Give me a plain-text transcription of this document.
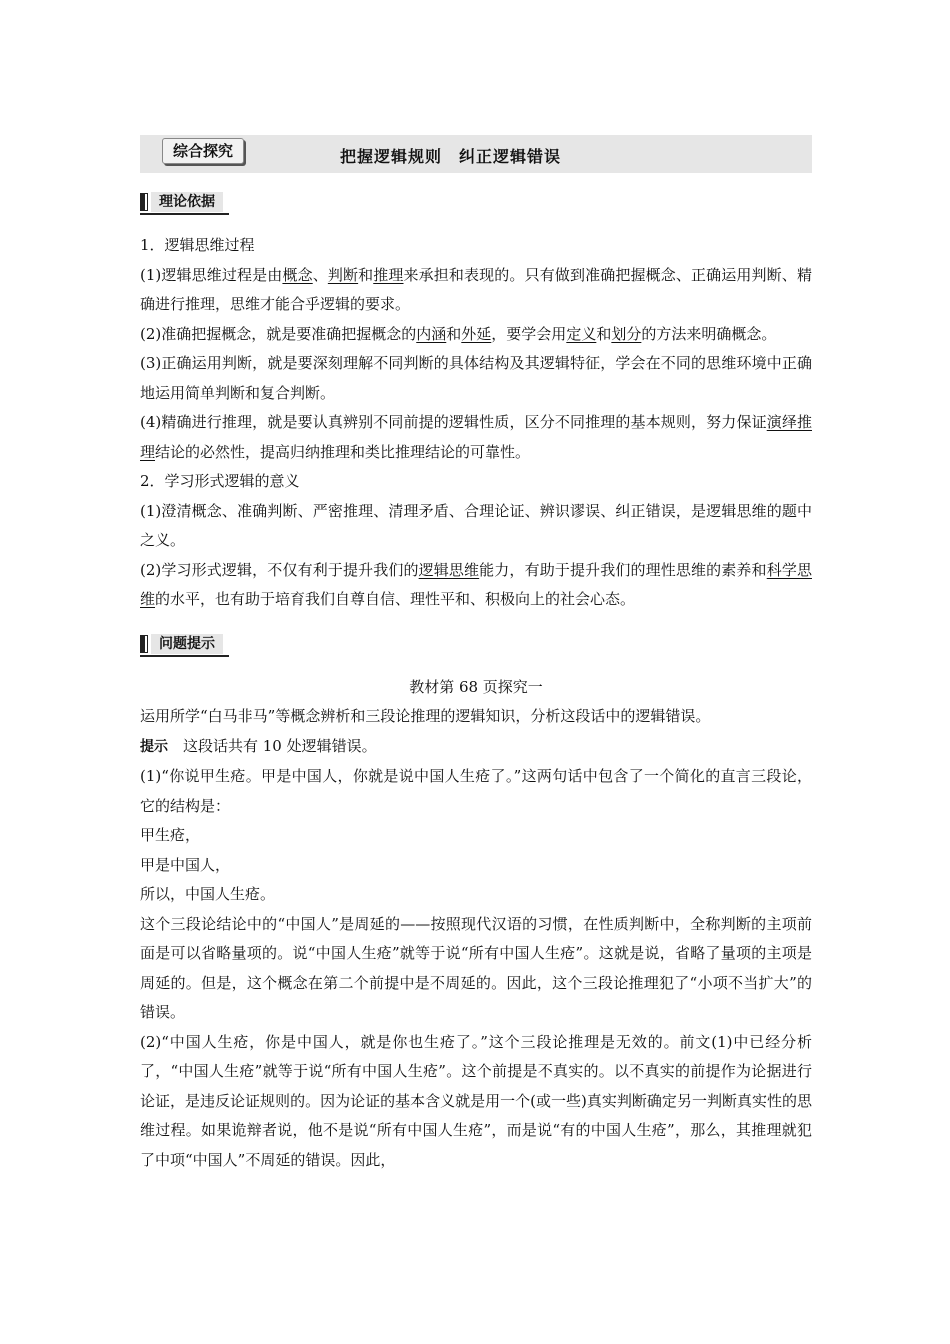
综合探究	把握逻辑规则　纠正逻辑错误
理论依据

1．逻辑思维过程

(1)逻辑思维过程是由概念、判断和推理来承担和表现的。只有做到准确把握概念、正确运用判断、精确进行推理，思维才能合乎逻辑的要求。

(2)准确把握概念，就是要准确把握概念的内涵和外延，要学会用定义和划分的方法来明确概念。

(3)正确运用判断，就是要深刻理解不同判断的具体结构及其逻辑特征，学会在不同的思维环境中正确地运用简单判断和复合判断。

(4)精确进行推理，就是要认真辨别不同前提的逻辑性质，区分不同推理的基本规则，努力保证演绎推理结论的必然性，提高归纳推理和类比推理结论的可靠性。

2．学习形式逻辑的意义

(1)澄清概念、准确判断、严密推理、清理矛盾、合理论证、辨识谬误、纠正错误，是逻辑思维的题中之义。

(2)学习形式逻辑，不仅有利于提升我们的逻辑思维能力，有助于提升我们的理性思维的素养和科学思维的水平，也有助于培育我们自尊自信、理性平和、积极向上的社会心态。

问题提示

教材第 68 页探究一

运用所学“白马非马”等概念辨析和三段论推理的逻辑知识，分析这段话中的逻辑错误。

提示　这段话共有 10 处逻辑错误。

(1)“你说甲生疮。甲是中国人，你就是说中国人生疮了。”这两句话中包含了一个简化的直言三段论，它的结构是：

甲生疮，

甲是中国人，

所以，中国人生疮。

这个三段论结论中的“中国人”是周延的——按照现代汉语的习惯，在性质判断中，全称判断的主项前面是可以省略量项的。说“中国人生疮”就等于说“所有中国人生疮”。这就是说，省略了量项的主项是周延的。但是，这个概念在第二个前提中是不周延的。因此，这个三段论推理犯了“小项不当扩大”的错误。

(2)“中国人生疮，你是中国人，就是你也生疮了。”这个三段论推理是无效的。前文(1)中已经分析了，“中国人生疮”就等于说“所有中国人生疮”。这个前提是不真实的。以不真实的前提作为论据进行论证，是违反论证规则的。因为论证的基本含义就是用一个(或一些)真实判断确定另一判断真实性的思维过程。如果诡辩者说，他不是说“所有中国人生疮”，而是说“有的中国人生疮”，那么，其推理就犯了中项“中国人”不周延的错误。因此，
